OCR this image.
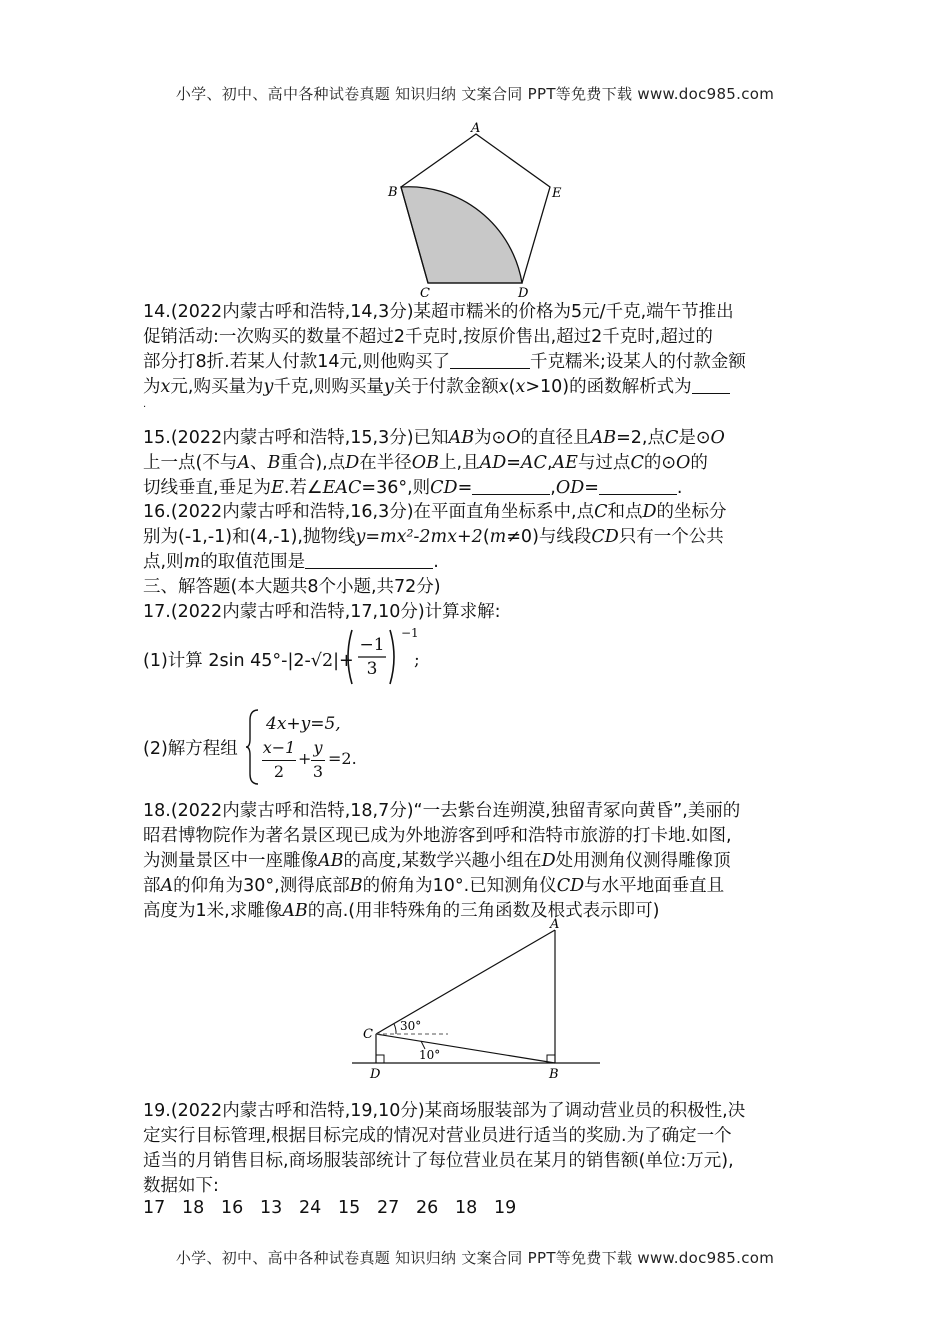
小学、初中、高中各种试卷真题 知识归纳 文案合同 PPT等免费下载 www.doc985.com
A
B	E
C	D
14.(2022内蒙古呼和浩特,14,3分)某超市糯米的价格为5元/千克,端午节推出
促销活动:一次购买的数量不超过2千克时,按原价售出,超过2千克时,超过的
部分打8折.若某人付款14元,则他购买了	千克糯米;设某人的付款金额
为x元,购买量为y千克,则购买量y关于付款金额x(x>10)的函数解析式为
.
15.(2022内蒙古呼和浩特,15,3分)已知AB为⊙O的直径且AB=2,点C是⊙O
上一点(不与A、B重合),点D在半径OB上,且AD=AC,AE与过点C的⊙O的
切线垂直,垂足为E.若∠EAC=36°,则CD=	,OD=	.
16.(2022内蒙古呼和浩特,16,3分)在平面直角坐标系中,点C和点D的坐标分
别为(-1,-1)和(4,-1),抛物线y=mx²-2mx+2(m≠0)与线段CD只有一个公共
点,则m的取值范围是	.
三、解答题(本大题共8个小题,共72分)
17.(2022内蒙古呼和浩特,17,10分)计算求解:
(1)计算 2sin 45°-|2-√2|+
−1
3
−1
;
(2)解方程组
4x+y=5,
x−1
2
+
y
3
=2.
18.(2022内蒙古呼和浩特,18,7分)“一去紫台连朔漠,独留青冢向黄昏”,美丽的
昭君博物院作为著名景区现已成为外地游客到呼和浩特市旅游的打卡地.如图,
为测量景区中一座雕像AB的高度,某数学兴趣小组在D处用测角仪测得雕像顶
部A的仰角为30°,测得底部B的俯角为10°.已知测角仪CD与水平地面垂直且
高度为1米,求雕像AB的高.(用非特殊角的三角函数及根式表示即可)
A
C
D	B
30°
10°
19.(2022内蒙古呼和浩特,19,10分)某商场服装部为了调动营业员的积极性,决
定实行目标管理,根据目标完成的情况对营业员进行适当的奖励.为了确定一个
适当的月销售目标,商场服装部统计了每位营业员在某月的销售额(单位:万元),
数据如下:
17 18 16 13 24 15 27 26 18 19
小学、初中、高中各种试卷真题 知识归纳 文案合同 PPT等免费下载 www.doc985.com
